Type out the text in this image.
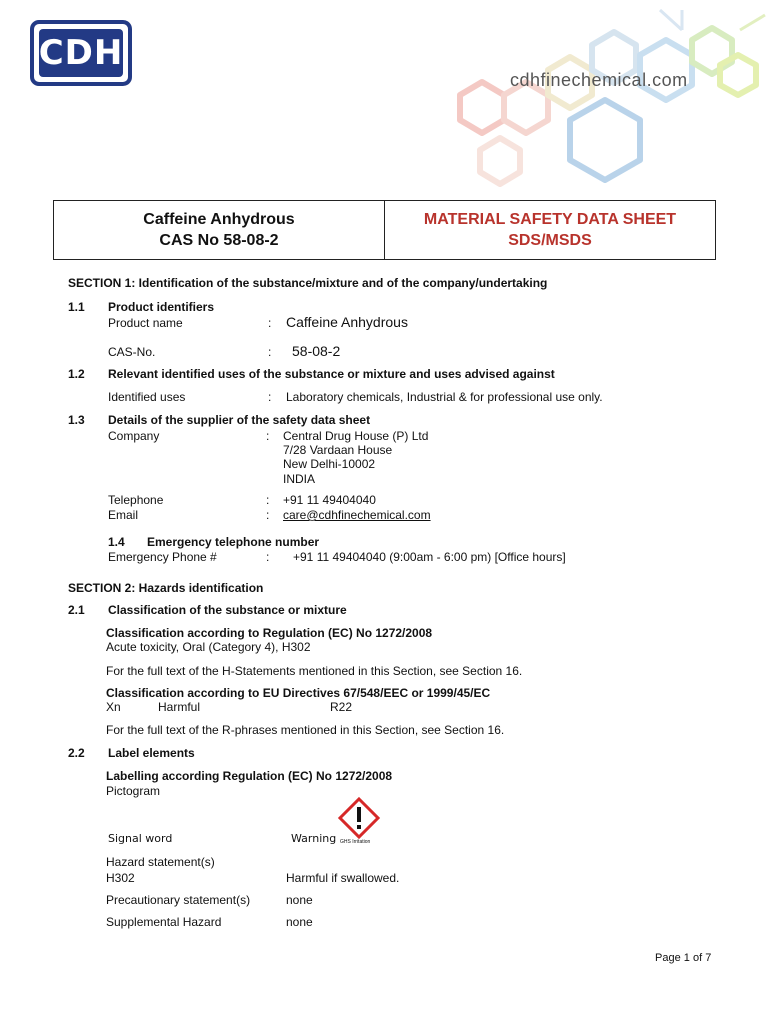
CDH
cdhfinechemical.com
Caffeine Anhydrous
CAS No 58-08-2
MATERIAL SAFETY DATA SHEET
SDS/MSDS
SECTION 1: Identification of the substance/mixture and of the company/undertaking
1.1 Product identifiers
Product name	: Caffeine Anhydrous
CAS-No.	: 58-08-2
1.2 Relevant identified uses of the substance or mixture and uses advised against
Identified uses	: Laboratory chemicals, Industrial & for professional use only.
1.3 Details of the supplier of the safety data sheet
Company	: Central Drug House (P) Ltd
7/28 Vardaan House
New Delhi-10002
INDIA
Telephone	: +91 11 49404040
Email	: care@cdhfinechemical.com
1.4 Emergency telephone number
Emergency Phone #	: +91 11 49404040 (9:00am - 6:00 pm) [Office hours]
SECTION 2: Hazards identification
2.1 Classification of the substance or mixture
Classification according to Regulation (EC) No 1272/2008
Acute toxicity, Oral (Category 4), H302
For the full text of the H-Statements mentioned in this Section, see Section 16.
Classification according to EU Directives 67/548/EEC or 1999/45/EC
Xn	Harmful	R22
For the full text of the R-phrases mentioned in this Section, see Section 16.
2.2 Label elements
Labelling according Regulation (EC) No 1272/2008
Pictogram
Signal word	Warning GHS Irritation
Hazard statement(s)
H302	Harmful if swallowed.
Precautionary statement(s)	none
Supplemental Hazard	none
Page 1 of 7
